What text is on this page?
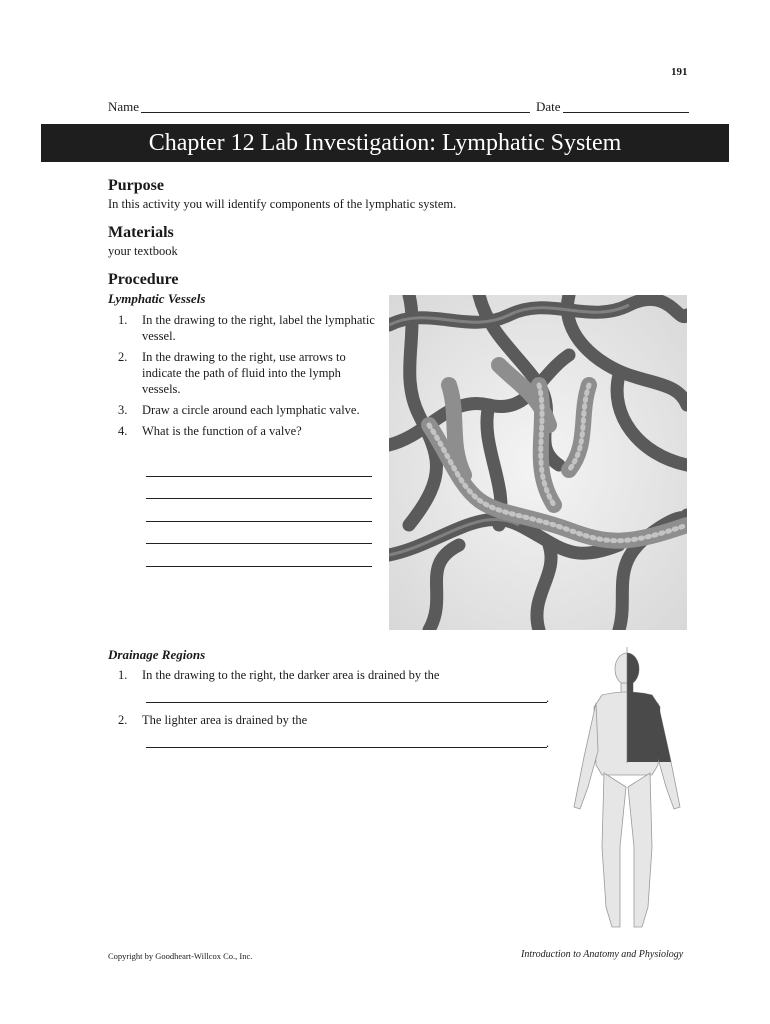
191
Name	Date
Chapter 12 Lab Investigation: Lymphatic System
Purpose
In this activity you will identify components of the lymphatic system.
Materials
your textbook
Procedure
Lymphatic Vessels
1. In the drawing to the right, label the lymphatic vessel.
2. In the drawing to the right, use arrows to indicate the path of fluid into the lymph vessels.
3. Draw a circle around each lymphatic valve.
4. What is the function of a valve?
Drainage Regions
1. In the drawing to the right, the darker area is drained by the
.
2. The lighter area is drained by the
.
Copyright by Goodheart-Willcox Co., Inc.	Introduction to Anatomy and Physiology
